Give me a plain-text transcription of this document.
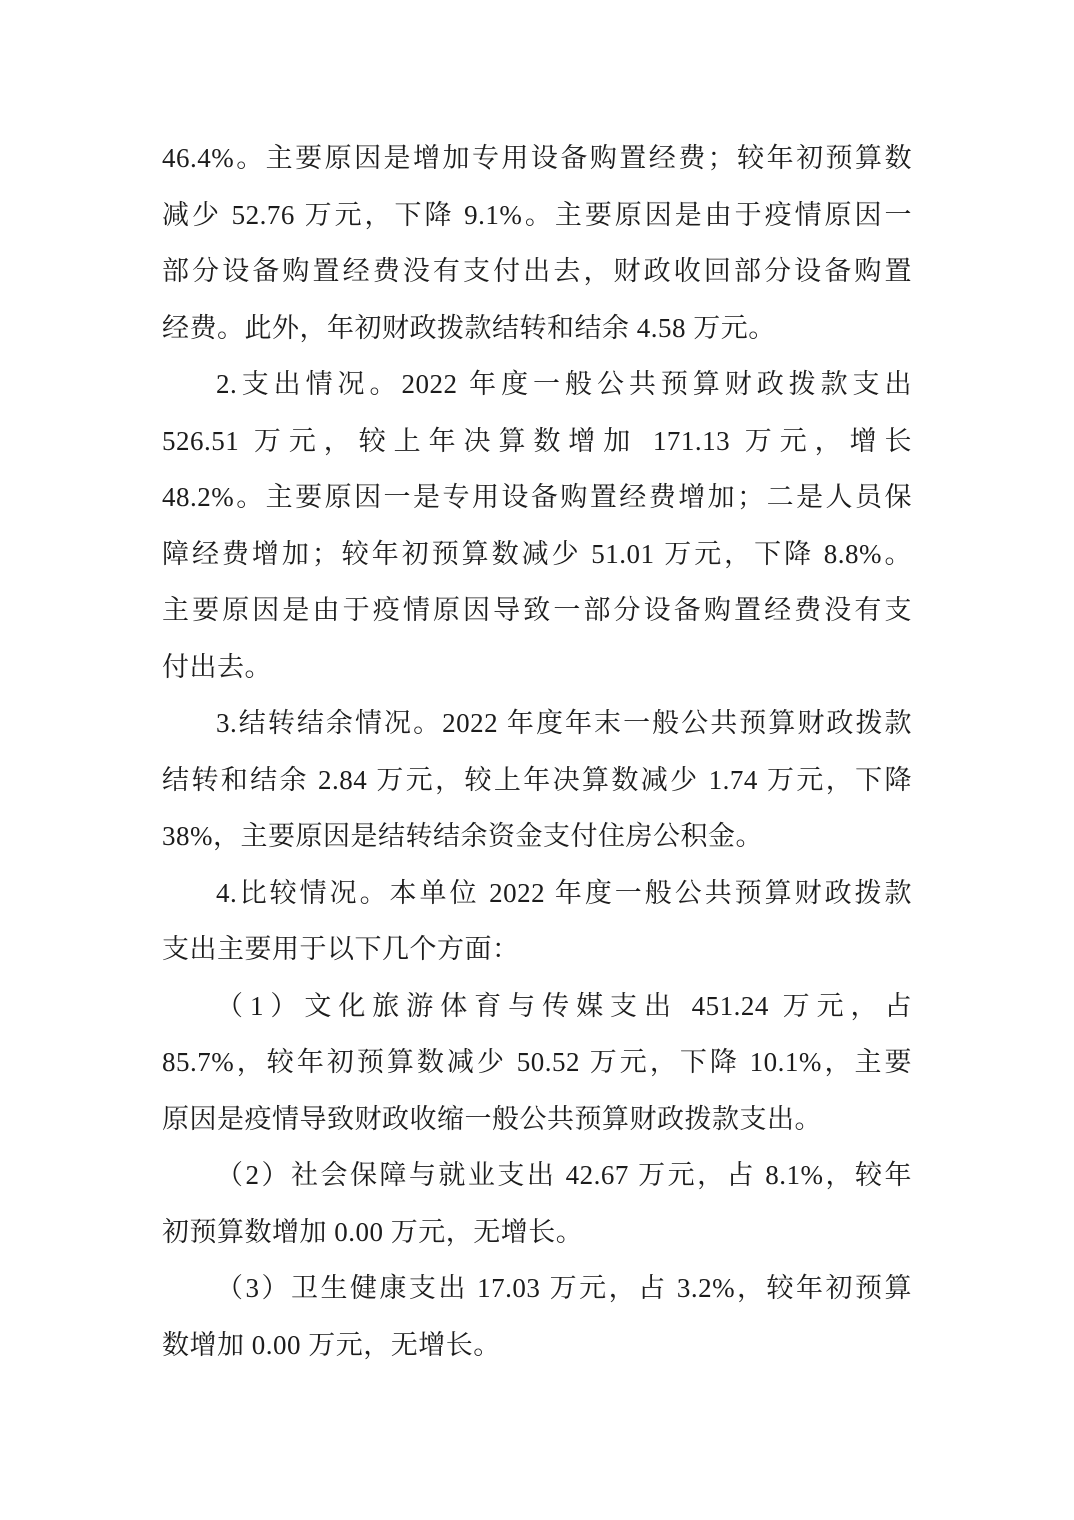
46.4%。主要原因是增加专用设备购置经费；较年初预算数
减少 52.76 万元，下降 9.1%。主要原因是由于疫情原因一
部分设备购置经费没有支付出去，财政收回部分设备购置
经费。此外，年初财政拨款结转和结余 4.58 万元。
2.支出情况。2022 年度一般公共预算财政拨款支出
526.51 万元，较上年决算数增加 171.13 万元，增长
48.2%。主要原因一是专用设备购置经费增加；二是人员保
障经费增加；较年初预算数减少 51.01 万元，下降 8.8%。
主要原因是由于疫情原因导致一部分设备购置经费没有支
付出去。
3.结转结余情况。2022 年度年末一般公共预算财政拨款
结转和结余 2.84 万元，较上年决算数减少 1.74 万元，下降
38%，主要原因是结转结余资金支付住房公积金。
4.比较情况。本单位 2022 年度一般公共预算财政拨款
支出主要用于以下几个方面：
（1）文化旅游体育与传媒支出 451.24 万元，占
85.7%，较年初预算数减少 50.52 万元，下降 10.1%，主要
原因是疫情导致财政收缩一般公共预算财政拨款支出。
（2）社会保障与就业支出 42.67 万元，占 8.1%，较年
初预算数增加 0.00 万元，无增长。
（3）卫生健康支出 17.03 万元，占 3.2%，较年初预算
数增加 0.00 万元，无增长。
